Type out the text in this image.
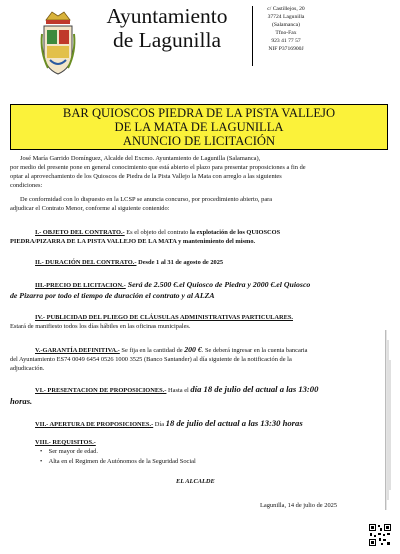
Ayuntamiento
de Lagunilla
c/ Castillejos, 20
37724 Lagunilla
(Salamanca)
Tfno-Fax
923 41 77 57
NIF P3716900J
BAR QUIOSCOS PIEDRA DE LA PISTA VALLEJO
DE LA MATA DE LAGUNILLA
ANUNCIO DE LICITACIÓN
José María Garrido Domínguez, Alcalde del Excmo. Ayuntamiento de Lagunilla (Salamanca),
por medio del presente pone en general conocimiento que está abierto el plazo para presentar proposiciones a fin de
optar al aprovechamiento de los Quioscos de Piedra de la Pista Vallejo la Mata con arreglo a las siguientes
condiciones:
De conformidad con lo dispuesto en la LCSP se anuncia concurso, por procedimiento abierto, para
adjudicar el Contrato Menor, conforme al siguiente contenido:
I.- OBJETO DEL CONTRATO.- Es el objeto del contrato la explotación de los QUIOSCOS
PIEDRA/PIZARRA DE LA PISTA VALLEJO DE LA MATA y mantenimiento del mismo.
II.- DURACIÓN DEL CONTRATO.- Desde 1 al 31 de agosto de 2025
III.-PRECIO DE LICITACION.- Será de 2.500 €.el Quiosco de Piedra y 2000 €.el Quiosco
de Pizarra por todo el tiempo de duración el contrato y al ALZA
IV.- PUBLICIDAD DEL PLIEGO DE CLÁUSULAS ADMINISTRATIVAS PARTICULARES.
Estará de manifiesto todos los días hábiles en las oficinas municipales.
V.-GARANTÍA DEFINITIVA.- Se fija en la cantidad de 200 €. Se deberá ingresar en la cuenta bancaria
del Ayuntamiento ES74 0049 6454 0526 1000 3525 (Banco Santander) al día siguiente de la notificación de la
adjudicación.
VI.- PRESENTACION DE PROPOSICIONES.- Hasta el día 18 de julio del actual a las 13:00
horas.
VII.- APERTURA DE PROPOSICIONES.- Día 18 de julio del actual a las 13:30 horas
VIII.- REQUISITOS.-
•    Ser mayor de edad.
•    Alta en el Regimen de Autónomos de la Seguridad Social
EL ALCALDE
Lagunilla, 14 de julio de 2025
